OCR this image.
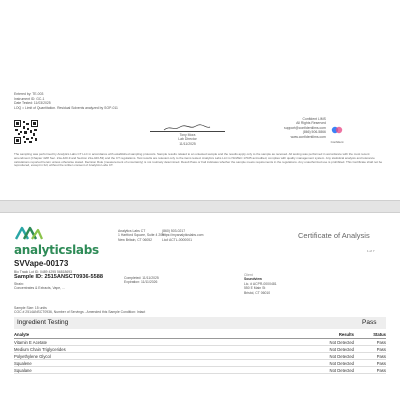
Entered by: TE-003
Instrument ID: GC-1
Date Tested: 11/03/2025
LOQ = Limit of Quantitation. Residual Solvents analyzed by SOP-011
Tony Mora
Lab Director
11/11/2025
Confident LIMS
All Rights Reserved
support@confidentlims.com
(866) 506-5866
www.confidentlims.com
Confident
The sampling was performed by Analytics Labs CT LLC in accordance with established sampling protocols. Sample results related to an untested sample and the results apply only to the sample as received. All testing was performed in accordance with the most recent amendment (Chapter 420f Sec. 21a-420-9 and Section 21a-420-53) and the CT regulations. Test results are relevant only to the items tested. Analytics Labs LLC is ISO/IEC 17025 accredited, complies with quality management system. Any statistical analysis and tolerance calculations reported herein unless otherwise stated. Decision Rule (measurement of uncertainty) is not routinely determined. Result Pass or Fail indicates whether the sample meets requirements in the regulations. Any unauthorized use is prohibited. This Certificate shall not be reproduced, except in full, without the written consent of Analytics Labs CT.
analyticslabs
Analytics Labs CT
1 Hartford Square, Suite 4 209
New Britain, CT 06052
(860) 503-0217
https://myanalyticslabs.com
Lic# ACTL-0000001	Certificate of Analysis
1 of 7
SVVape-00173
Bio Track Lot ID: 0489 4295 56818693
Sample ID: 2515ANSCT0936-5588
Strain:
Concentrates & Extracts, Vape, ...
Completed: 11/11/2025
Expiration: 11/11/2026
Client
Soundview
Lic. # ACPR-0000481
550 E Main St
Bristol, CT 06010
Sample Size: 15 units
COC # 2514ANSCT0936, Number of Servings - Amended this Sample Condition: Intact
Ingredient Testing	Pass
Analyte	Results	Status
Vitamin E Acetate	Not Detected	Pass
Medium Chain Triglycerides	Not Detected	Pass
Polyethylene Glycol	Not Detected	Pass
Squalene	Not Detected	Pass
Squalane	Not Detected	Pass
